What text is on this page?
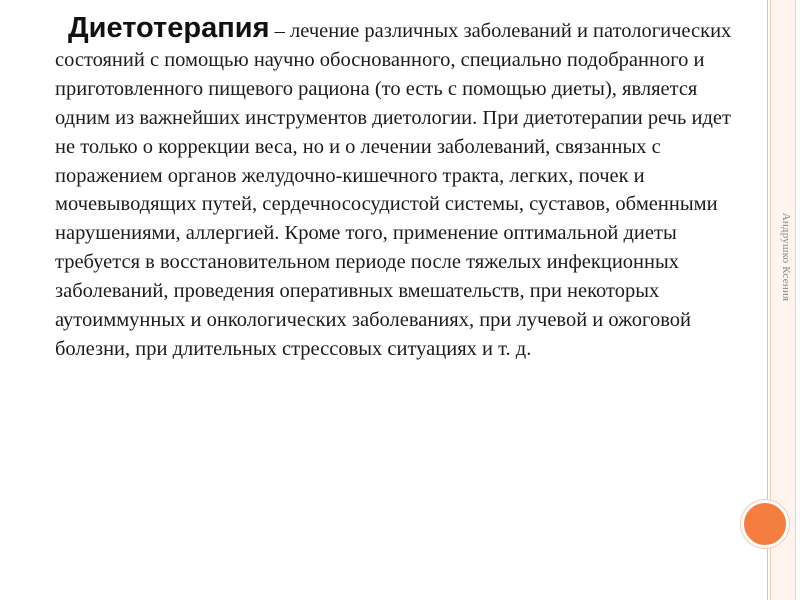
Диетотерапия – лечение различных заболеваний и патологических состояний с помощью научно обоснованного, специально подобранного и приготовленного пищевого рациона (то есть с помощью диеты), является одним из важнейших инструментов диетологии. При диетотерапии речь идет не только о коррекции веса, но и о лечении заболеваний, связанных с поражением органов желудочно-кишечного тракта, легких, почек и мочевыводящих путей, сердечнососудистой системы, суставов, обменными нарушениями, аллергией. Кроме того, применение оптимальной диеты требуется в восстановительном периоде после тяжелых инфекционных заболеваний, проведения оперативных вмешательств, при некоторых аутоиммунных и онкологических заболеваниях, при лучевой и ожоговой болезни, при длительных стрессовых ситуациях и т. д.

Андрушко Ксения
